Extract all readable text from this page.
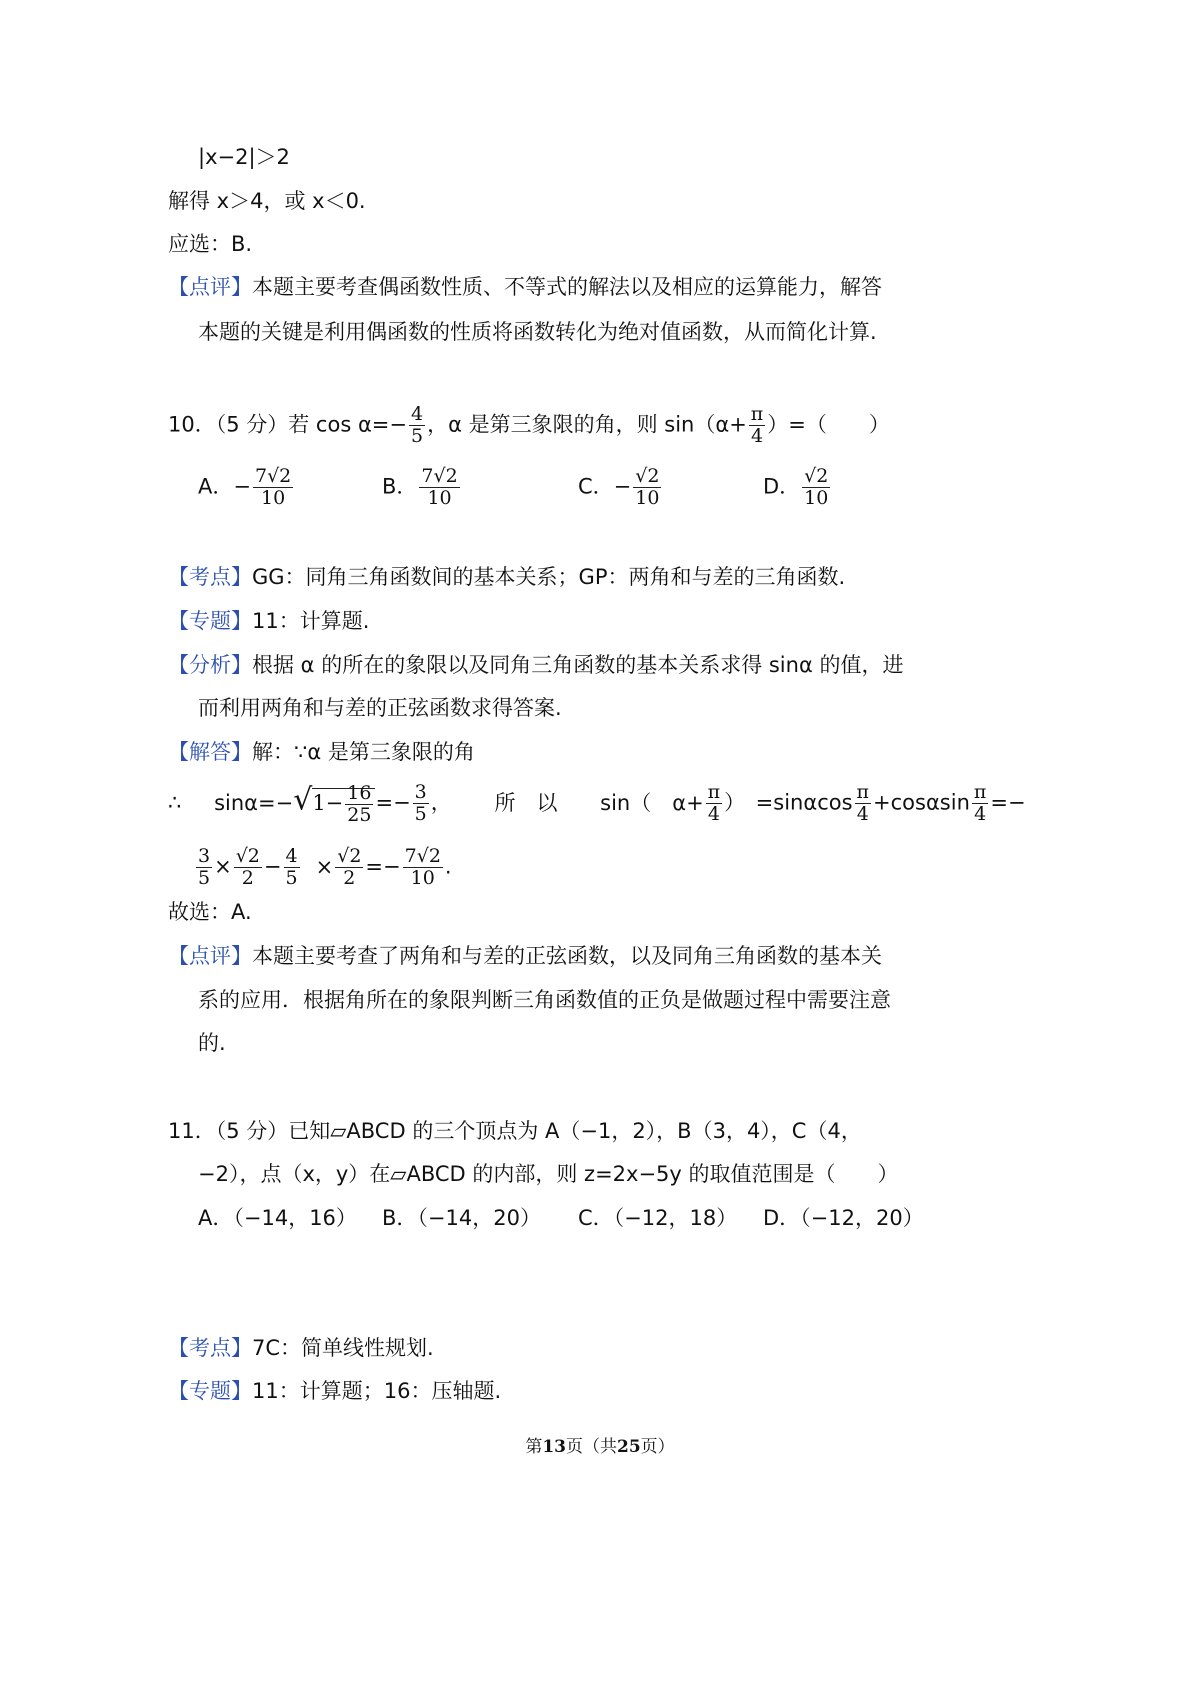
|x−2|＞2
解得 x＞4，或 x＜0.
应选：B.
【点评】本题主要考查偶函数性质、不等式的解法以及相应的运算能力，解答
本题的关键是利用偶函数的性质将函数转化为绝对值函数，从而简化计算.
10．（5 分）若 $\cos \alpha=- \frac{4}{5}$ ，α 是第三象限的角，则 $\sin(\alpha+ \frac{\pi}{4}$ ）=（　　）
A．− $\frac{7√2}{10}$	B． $\frac{7√2}{10}$	C．− $\frac{√2}{10}$	D． $\frac{√2}{10}$
【考点】GG：同角三角函数间的基本关系；GP：两角和与差的三角函数.
【专题】11：计算题.
【分析】根据 α 的所在的象限以及同角三角函数的基本关系求得 sinα 的值，进
而利用两角和与差的正弦函数求得答案.
【解答】解：∵α 是第三象限的角
∴ $\sin\alpha=-√1- \frac{16}{25} =- \frac{3}{5}$ ， 所　以 sin（　$\alpha+ \frac{\pi}{4}$ ）　$=\sin\alpha\cos \frac{\pi}{4} +\cos\alpha\sin \frac{\pi}{4}$ =−
$\frac{3}{5} \times \frac{√2}{2} - \frac{4}{5} \times \frac{√2}{2} =- \frac{7√2}{10}$ .
故选：A.
【点评】本题主要考查了两角和与差的正弦函数，以及同角三角函数的基本关
系的应用．根据角所在的象限判断三角函数值的正负是做题过程中需要注意
的.
11．（5 分）已知▱ABCD 的三个顶点为 A（−1，2），B（3，4），C（4，
−2），点（x，y）在▱ABCD 的内部，则 z=2x−5y 的取值范围是（　　）
A．（−14，16） B．（−14，20） C．（−12，18） D．（−12，20）
【考点】7C：简单线性规划.
【专题】11：计算题；16：压轴题.
第13页（共25页）
